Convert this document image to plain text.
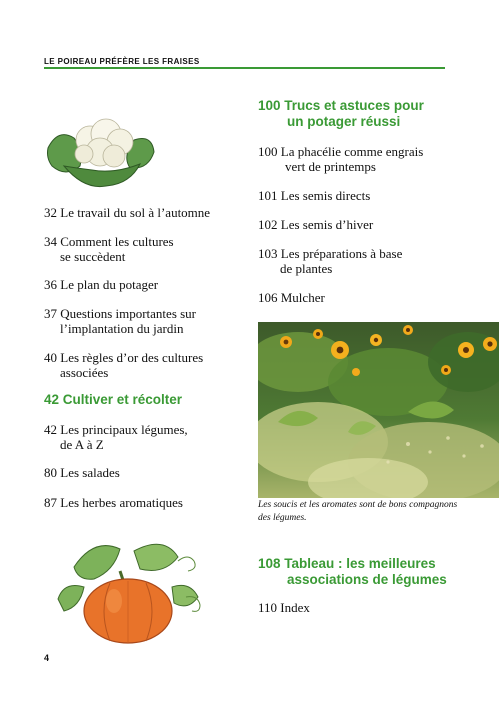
LE POIREAU PRÉFÈRE LES FRAISES
32 Le travail du sol à l’automne
34 Comment les cultures
se succèdent
36 Le plan du potager
37 Questions importantes sur
l’implantation du jardin
40 Les règles d’or des cultures
associées
42 Cultiver et récolter
42 Les principaux légumes,
de A à Z
80 Les salades
87 Les herbes aromatiques
4
100 Trucs et astuces pour
un potager réussi
100 La phacélie comme engrais
vert de printemps
101 Les semis directs
102 Les semis d’hiver
103 Les préparations à base
de plantes
106 Mulcher
Les soucis et les aromates sont de bons compagnons des légumes.
108 Tableau : les meilleures
associations de légumes
110 Index
